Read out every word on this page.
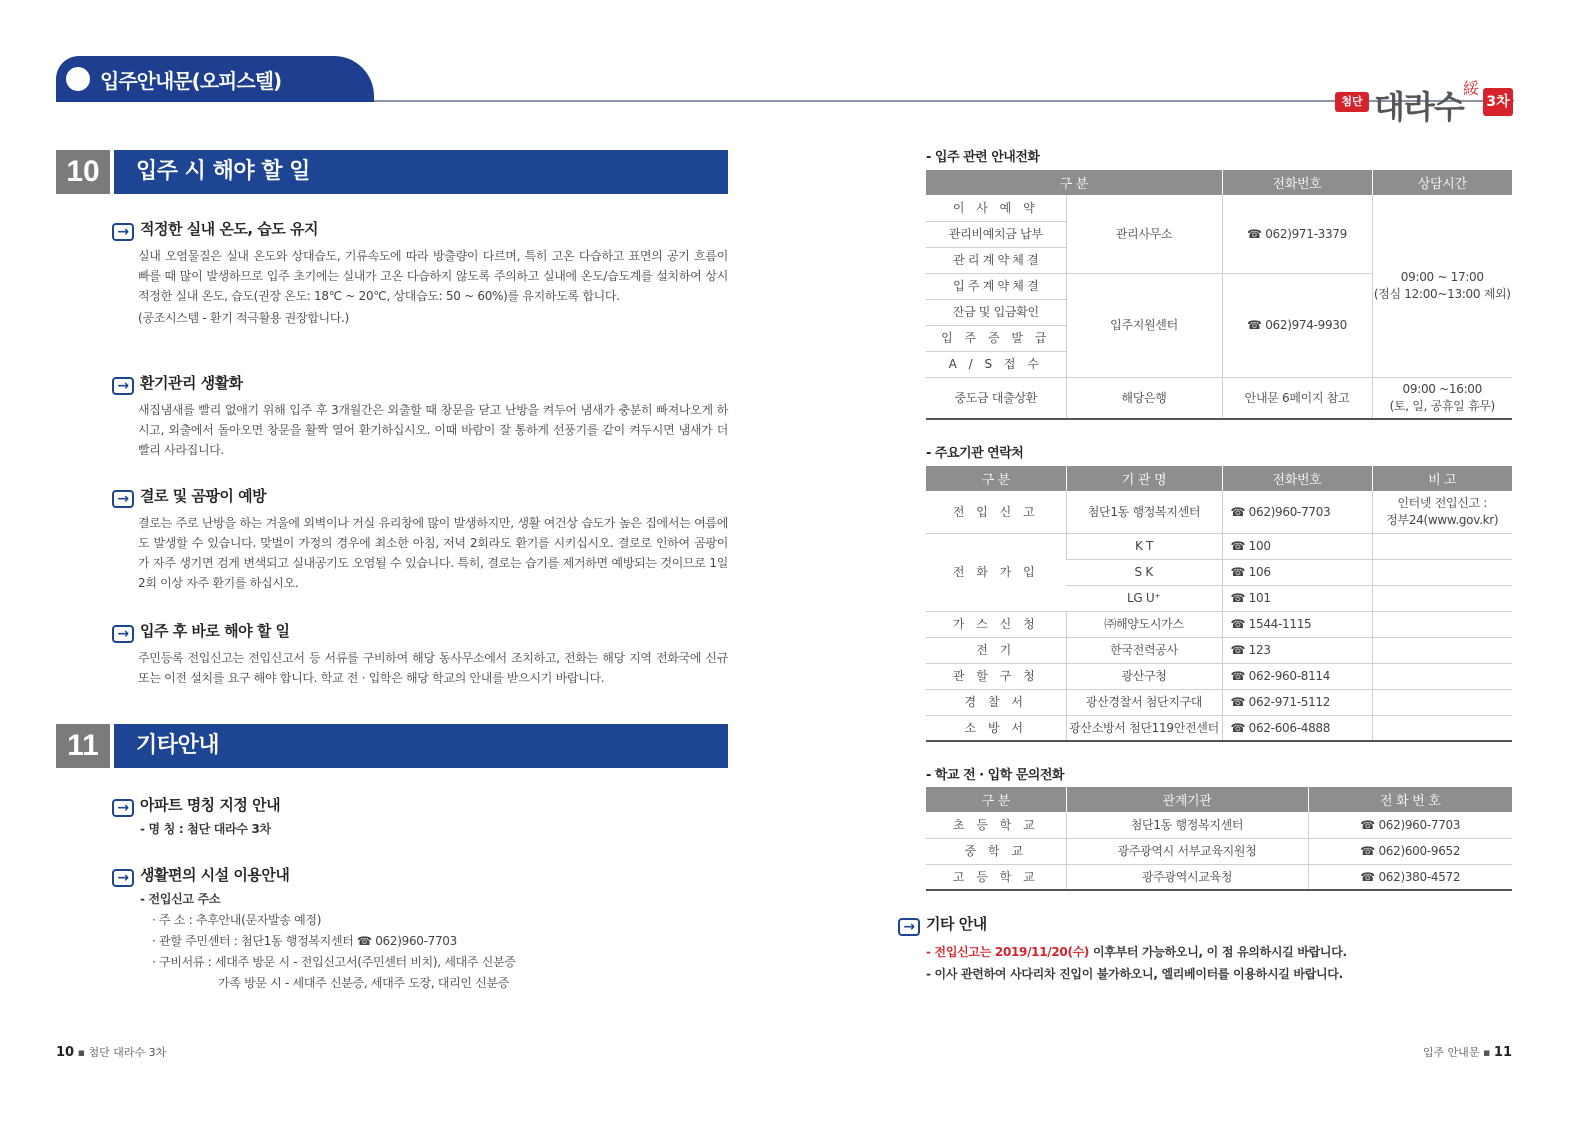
입주안내문(오피스텔)
첨단 대라수 綏
3차
10	입주 시 해야 할 일
→ 적정한 실내 온도, 습도 유지
실내 오염물질은 실내 온도와 상대습도, 기류속도에 따라 방출량이 다르며, 특히 고온 다습하고 표면의 공기 흐름이 빠를 때 많이 발생하므로 입주 초기에는 실내가 고온 다습하지 않도록 주의하고 실내에 온도/습도계를 설치하여 상시 적정한 실내 온도, 습도(권장 온도: 18℃ ~ 20℃, 상대습도: 50 ~ 60%)를 유지하도록 합니다.
(공조시스템 - 환기 적극활용 권장합니다.)
→ 환기관리 생활화
새집냄새를 빨리 없애기 위해 입주 후 3개월간은 외출할 때 창문을 닫고 난방을 켜두어 냄새가 충분히 빠져나오게 하시고, 외출에서 돌아오면 창문을 활짝 열어 환기하십시오. 이때 바람이 잘 통하게 선풍기를 같이 켜두시면 냄새가 더 빨리 사라집니다.
→ 결로 및 곰팡이 예방
결로는 주로 난방을 하는 겨울에 외벽이나 거실 유리창에 많이 발생하지만, 생활 여건상 습도가 높은 집에서는 여름에도 발생할 수 있습니다. 맞벌이 가정의 경우에 최소한 아침, 저녁 2회라도 환기를 시키십시오. 결로로 인하여 곰팡이가 자주 생기면 검게 변색되고 실내공기도 오염될 수 있습니다. 특히, 결로는 습기를 제거하면 예방되는 것이므로 1일 2회 이상 자주 환기를 하십시오.
→ 입주 후 바로 해야 할 일
주민등록 전입신고는 전입신고서 등 서류를 구비하여 해당 동사무소에서 조치하고, 전화는 해당 지역 전화국에 신규 또는 이전 설치를 요구 해야 합니다. 학교 전 · 입학은 해당 학교의 안내를 받으시기 바랍니다.
11	기타안내
→ 아파트 명칭 지정 안내
- 명 칭 : 첨단 대라수 3차
→ 생활편의 시설 이용안내
- 전입신고 주소
· 주 소 : 추후안내(문자발송 예정)
· 관할 주민센터 : 첨단1동 행정복지센터 ☎ 062)960-7703
· 구비서류 : 세대주 방문 시 - 전입신고서(주민센터 비치), 세대주 신분증
가족 방문 시 - 세대주 신분증, 세대주 도장, 대리인 신분증
- 입주 관련 안내전화
구 분		전화번호	상담시간
이 사 예 약	관리사무소	☎ 062)971-3379	09:00 ~ 17:00
(점심 12:00~13:00 제외)

관리비예치금 납부			
관 리 계 약 체 결			
입 주 계 약 체 결	입주지원센터	☎ 062)974-9930	
잔금 및 입금확인			
입 주 증 발 급			
A / S 접 수			
중도금 대출상환	해당은행	안내문 6페이지 참고	09:00 ~16:00
(토, 일, 공휴일 휴무)
- 주요기관 연락처
구 분	기 관 명	전화번호	비 고
전 입 신 고	첨단1동 행정복지센터	☎ 062)960-7703	인터넷 전입신고 :
정부24(www.gov.kr)

전 화 가 입	K T	☎ 100	
	S K	☎ 106	
	LG U⁺	☎ 101	
가 스 신 청	㈜해양도시가스	☎ 1544-1115	
전 기	한국전력공사	☎ 123	
관 할 구 청	광산구청	☎ 062-960-8114	
경 찰 서	광산경찰서 첨단지구대	☎ 062-971-5112	
소 방 서	광산소방서 첨단119안전센터	☎ 062-606-4888	
- 학교 전 · 입학 문의전화
구 분	관계기관	전 화 번 호
초 등 학 교	첨단1동 행정복지센터	☎ 062)960-7703
중 학 교	광주광역시 서부교육지원청	☎ 062)600-9652
고 등 학 교	광주광역시교육청	☎ 062)380-4572
→ 기타 안내
- 전입신고는 2019/11/20(수) 이후부터 가능하오니, 이 점 유의하시길 바랍니다.
- 이사 관련하여 사다리차 진입이 불가하오니, 엘리베이터를 이용하시길 바랍니다.
10 ▪ 첨단 대라수 3차	입주 안내문 ▪ 11
